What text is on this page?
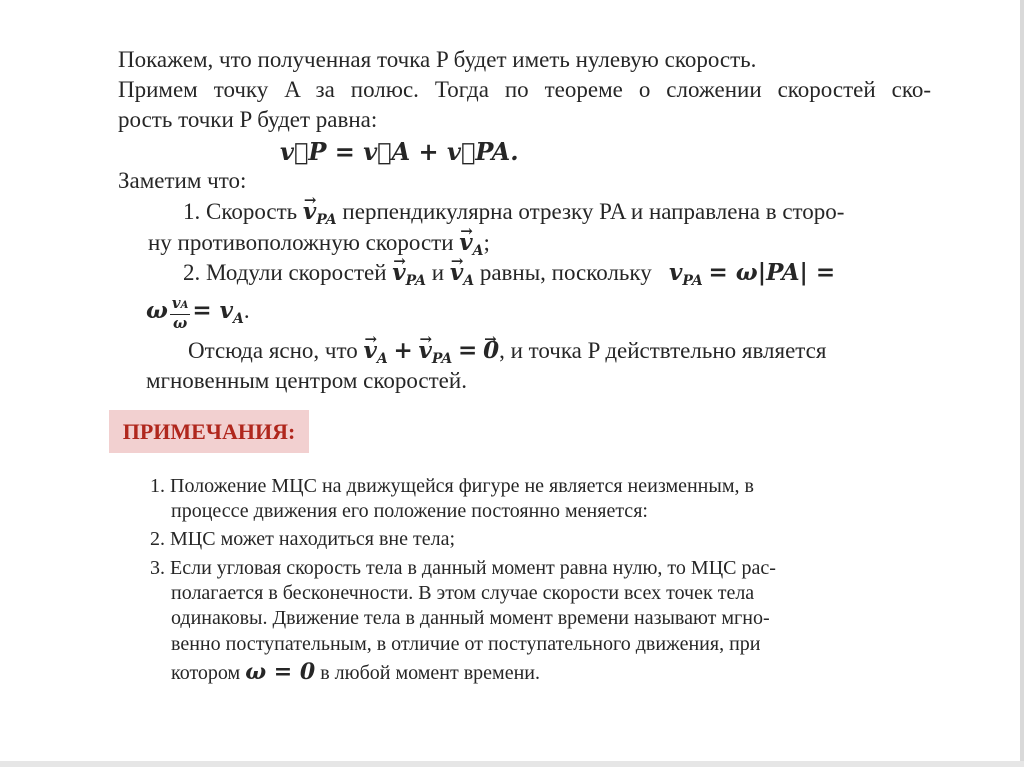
Покажем, что полученная точка P будет иметь нулевую скорость.
Примем точку A за полюс. Тогда по теореме о сложении скоростей ско-
рость точки P будет равна:
v⃗P = v⃗A + v⃗PA.
Заметим что:
1. Скорость → $v_{PA}$ перпендикулярна отрезку PA и направлена в сторо-
ну противоположную скорости → $v_A$;
2. Модули скоростей → $v_{PA}$ $и \to v_A$ равны, поскольку $v_{PA} = \omega|PA|$ =
ω $\frac{vA}{\omega} = v_A$.
Отсюда ясно, что → $v_A$ + → $v_{PA}$ = → 0, и точка P действтельно является
мгновенным центром скоростей.
ПРИМЕЧАНИЯ:
1. Положение МЦС на движущейся фигуре не является неизменным, в
процессе движения его положение постоянно меняется:
2. МЦС может находиться вне тела;
3. Если угловая скорость тела в данный момент равна нулю, то МЦС рас-
полагается в бесконечности. В этом случае скорости всех точек тела
одинаковы. Движение тела в данный момент времени называют мгно-
венно поступательным, в отличие от поступательного движения, при
котором ω = 0 в любой момент времени.
